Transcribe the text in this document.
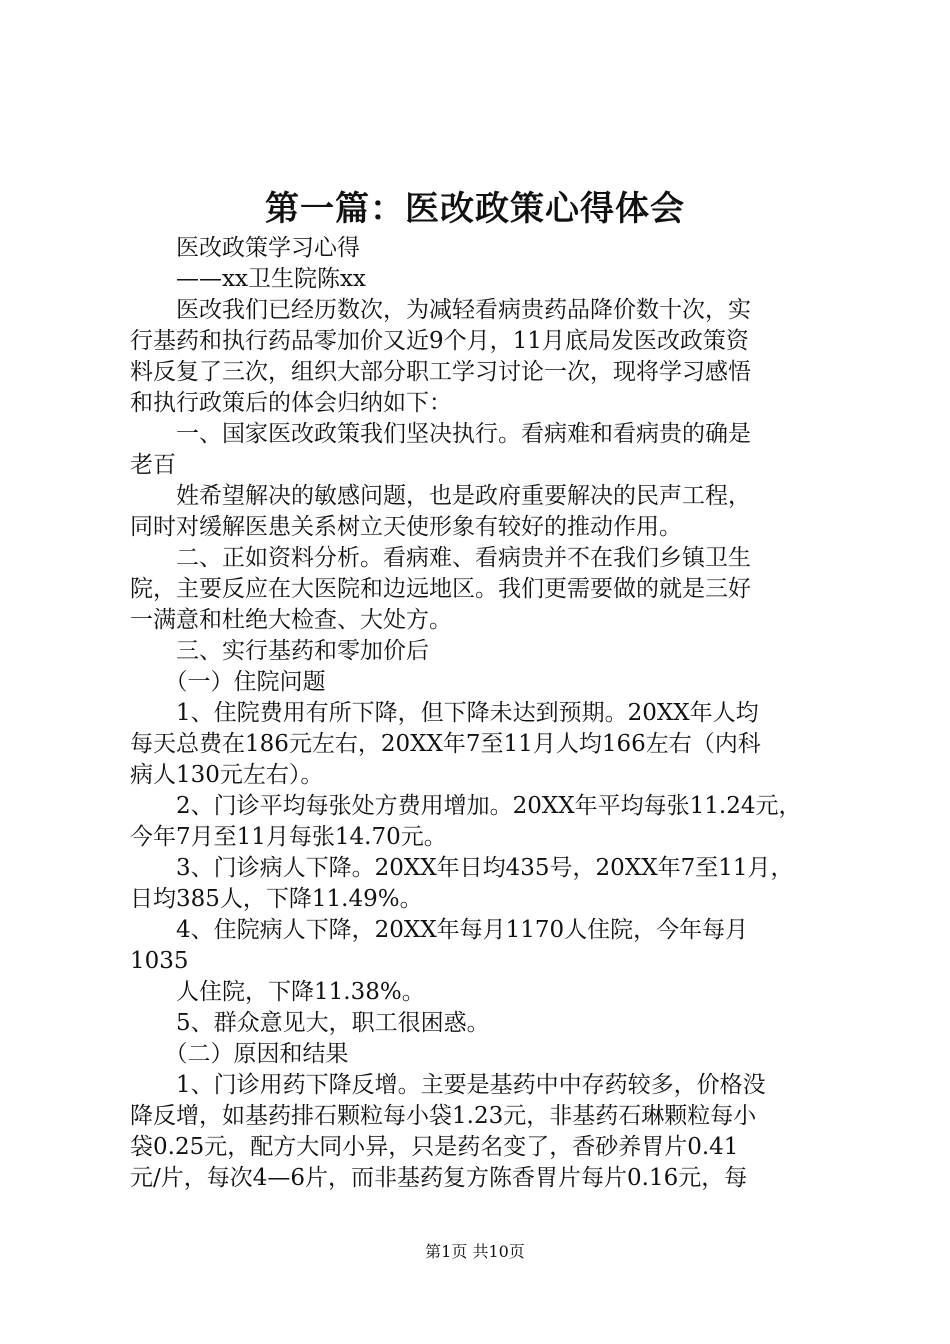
第一篇：医改政策心得体会
　　医改政策学习心得
　　——xx卫生院陈xx
　　医改我们已经历数次，为减轻看病贵药品降价数十次，实
行基药和执行药品零加价又近9个月，11月底局发医改政策资
料反复了三次，组织大部分职工学习讨论一次，现将学习感悟
和执行政策后的体会归纳如下：
　　一、国家医改政策我们坚决执行。看病难和看病贵的确是
老百
　　姓希望解决的敏感问题，也是政府重要解决的民声工程，
同时对缓解医患关系树立天使形象有较好的推动作用。
　　二、正如资料分析。看病难、看病贵并不在我们乡镇卫生
院，主要反应在大医院和边远地区。我们更需要做的就是三好
一满意和杜绝大检查、大处方。
　　三、实行基药和零加价后
　　（一）住院问题
　　1、住院费用有所下降，但下降未达到预期。20XX年人均
每天总费在186元左右，20XX年7至11月人均166左右（内科
病人130元左右）。
　　2、门诊平均每张处方费用增加。20XX年平均每张11.24元，
今年7月至11月每张14.70元。
　　3、门诊病人下降。20XX年日均435号，20XX年7至11月，
日均385人，下降11.49%。
　　4、住院病人下降，20XX年每月1170人住院，今年每月
1035
　　人住院，下降11.38%。
　　5、群众意见大，职工很困惑。
　　（二）原因和结果
　　1、门诊用药下降反增。主要是基药中中存药较多，价格没
降反增，如基药排石颗粒每小袋1.23元，非基药石琳颗粒每小
袋0.25元，配方大同小异，只是药名变了，香砂养胃片0.41
元/片，每次4—6片，而非基药复方陈香胃片每片0.16元，每
第1页 共10页
